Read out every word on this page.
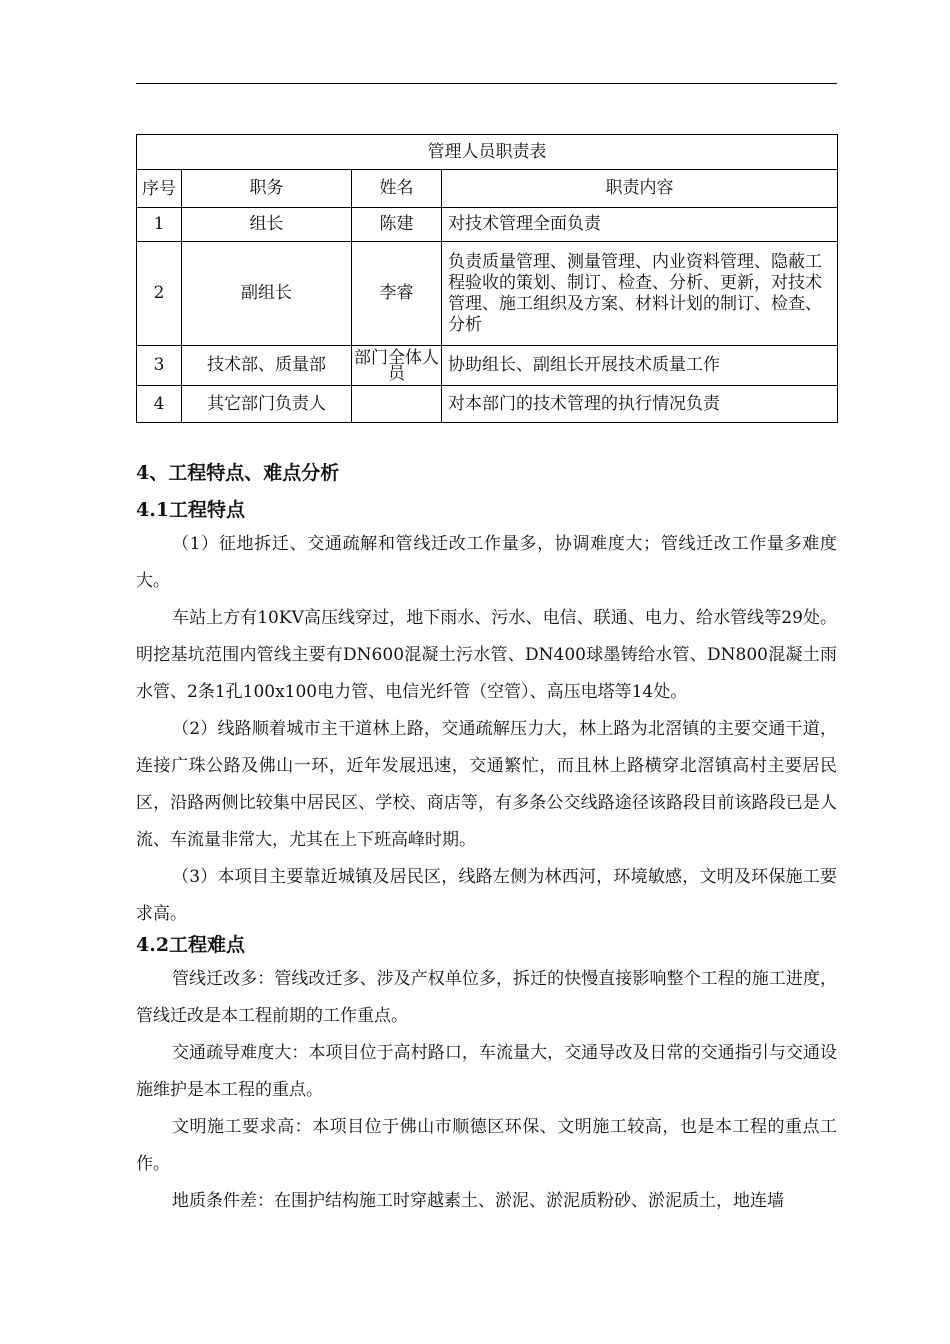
管理人员职责表			
序号	职务	姓名	职责内容
1	组长	陈建	对技术管理全面负责
2	副组长	李睿	负责质量管理、测量管理、内业资料管理、隐蔽工程验收的策划、制订、检查、分析、更新，对技术管理、施工组织及方案、材料计划的制订、检查、分析
3	技术部、质量部	部门全体人员	协助组长、副组长开展技术质量工作
4	其它部门负责人		对本部门的技术管理的执行情况负责
4、工程特点、难点分析
4.1工程特点

（1）征地拆迁、交通疏解和管线迁改工作量多，协调难度大；管线迁改工作量多难度大。

车站上方有10KV高压线穿过，地下雨水、污水、电信、联通、电力、给水管线等29处。明挖基坑范围内管线主要有DN600混凝土污水管、DN400球墨铸给水管、DN800混凝土雨水管、2条1孔100x100电力管、电信光纤管（空管）、高压电塔等14处。

（2）线路顺着城市主干道林上路，交通疏解压力大，林上路为北滘镇的主要交通干道，连接广珠公路及佛山一环，近年发展迅速，交通繁忙，而且林上路横穿北滘镇高村主要居民区，沿路两侧比较集中居民区、学校、商店等，有多条公交线路途径该路段目前该路段已是人流、车流量非常大，尤其在上下班高峰时期。

（3）本项目主要靠近城镇及居民区，线路左侧为林西河，环境敏感，文明及环保施工要求高。

4.2工程难点

管线迁改多：管线改迁多、涉及产权单位多，拆迁的快慢直接影响整个工程的施工进度，管线迁改是本工程前期的工作重点。

交通疏导难度大：本项目位于高村路口，车流量大，交通导改及日常的交通指引与交通设施维护是本工程的重点。

文明施工要求高：本项目位于佛山市顺德区环保、文明施工较高，也是本工程的重点工作。

地质条件差：在围护结构施工时穿越素土、淤泥、淤泥质粉砂、淤泥质土，地连墙
